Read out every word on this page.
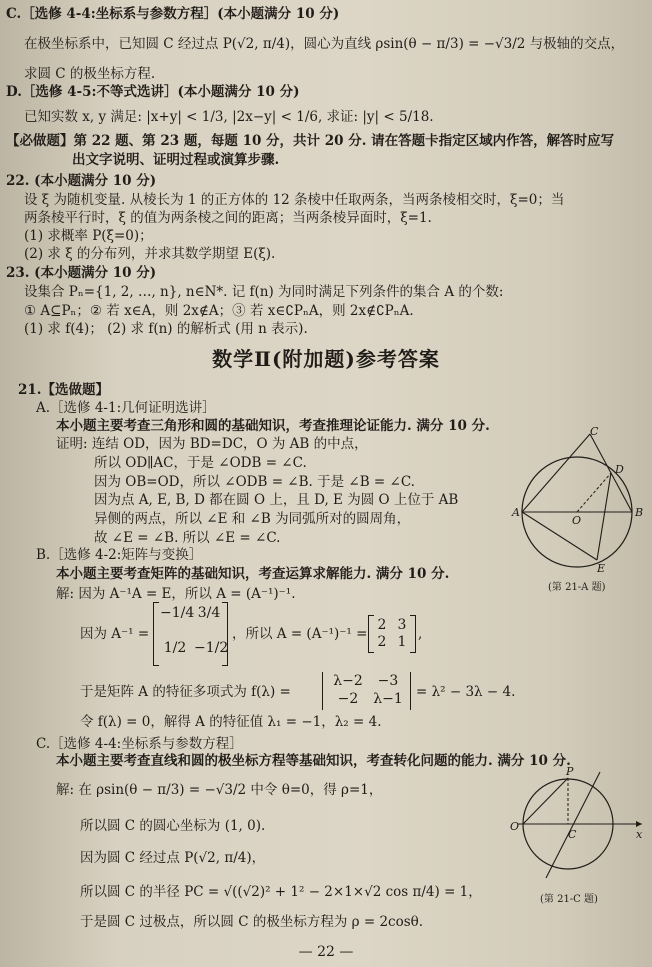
C.［选修 4-4:坐标系与参数方程］(本小题满分 10 分)
在极坐标系中，已知圆 C 经过点 P(√2, π/4)，圆心为直线 ρsin(θ − π/3) = −√3/2 与极轴的交点，
求圆 C 的极坐标方程.
D.［选修 4-5:不等式选讲］(本小题满分 10 分)
已知实数 x, y 满足: |x+y| < 1/3, |2x−y| < 1/6, 求证: |y| < 5/18.
【必做题】第 22 题、第 23 题，每题 10 分，共计 20 分. 请在答题卡指定区域内作答，解答时应写
出文字说明、证明过程或演算步骤.
22. (本小题满分 10 分)
设 ξ 为随机变量. 从棱长为 1 的正方体的 12 条棱中任取两条，当两条棱相交时，ξ=0；当
两条棱平行时，ξ 的值为两条棱之间的距离；当两条棱异面时，ξ=1.
(1) 求概率 P(ξ=0)；
(2) 求 ξ 的分布列，并求其数学期望 E(ξ).
23. (本小题满分 10 分)
设集合 Pₙ={1, 2, …, n}, n∈N*. 记 f(n) 为同时满足下列条件的集合 A 的个数:
① A⊆Pₙ；② 若 x∈A，则 2x∉A；③ 若 x∈∁PₙA，则 2x∉∁PₙA.
(1) 求 f(4)； (2) 求 f(n) 的解析式 (用 n 表示).
数学Ⅱ(附加题)参考答案
21.【选做题】
A.［选修 4-1:几何证明选讲］
本小题主要考查三角形和圆的基础知识，考查推理论证能力. 满分 10 分.
证明: 连结 OD，因为 BD=DC，O 为 AB 的中点，
所以 OD∥AC，于是 ∠ODB = ∠C.
因为 OB=OD，所以 ∠ODB = ∠B. 于是 ∠B = ∠C.
因为点 A, E, B, D 都在圆 O 上，且 D, E 为圆 O 上位于 AB
异侧的两点，所以 ∠E 和 ∠B 为同弧所对的圆周角，
故 ∠E = ∠B. 所以 ∠E = ∠C.
C
D
A
O
B
E
(第 21-A 题)
B.［选修 4-2:矩阵与变换］
本小题主要考查矩阵的基础知识，考查运算求解能力. 满分 10 分.
解: 因为 A⁻¹A = E，所以 A = (A⁻¹)⁻¹.
因为 A⁻¹ =
−1/4 3/4
1/2 −1/2
，所以 A = (A⁻¹)⁻¹ =
2 3
2 1 ,
于是矩阵 A 的特征多项式为 f(λ) =
λ−2	−3
−2	λ−1 = λ² − 3λ − 4.
令 f(λ) = 0，解得 A 的特征值 λ₁ = −1，λ₂ = 4.
C.［选修 4-4:坐标系与参数方程］
本小题主要考查直线和圆的极坐标方程等基础知识，考查转化问题的能力. 满分 10 分.
解: 在 ρsin(θ − π/3) = −√3/2 中令 θ=0，得 ρ=1，
所以圆 C 的圆心坐标为 (1, 0).
因为圆 C 经过点 P(√2, π/4)，
所以圆 C 的半径 PC = √((√2)² + 1² − 2×1×√2 cos π/4) = 1，
于是圆 C 过极点，所以圆 C 的极坐标方程为 ρ = 2cosθ.
P
O
C	x
(第 21-C 题)
— 22 —
